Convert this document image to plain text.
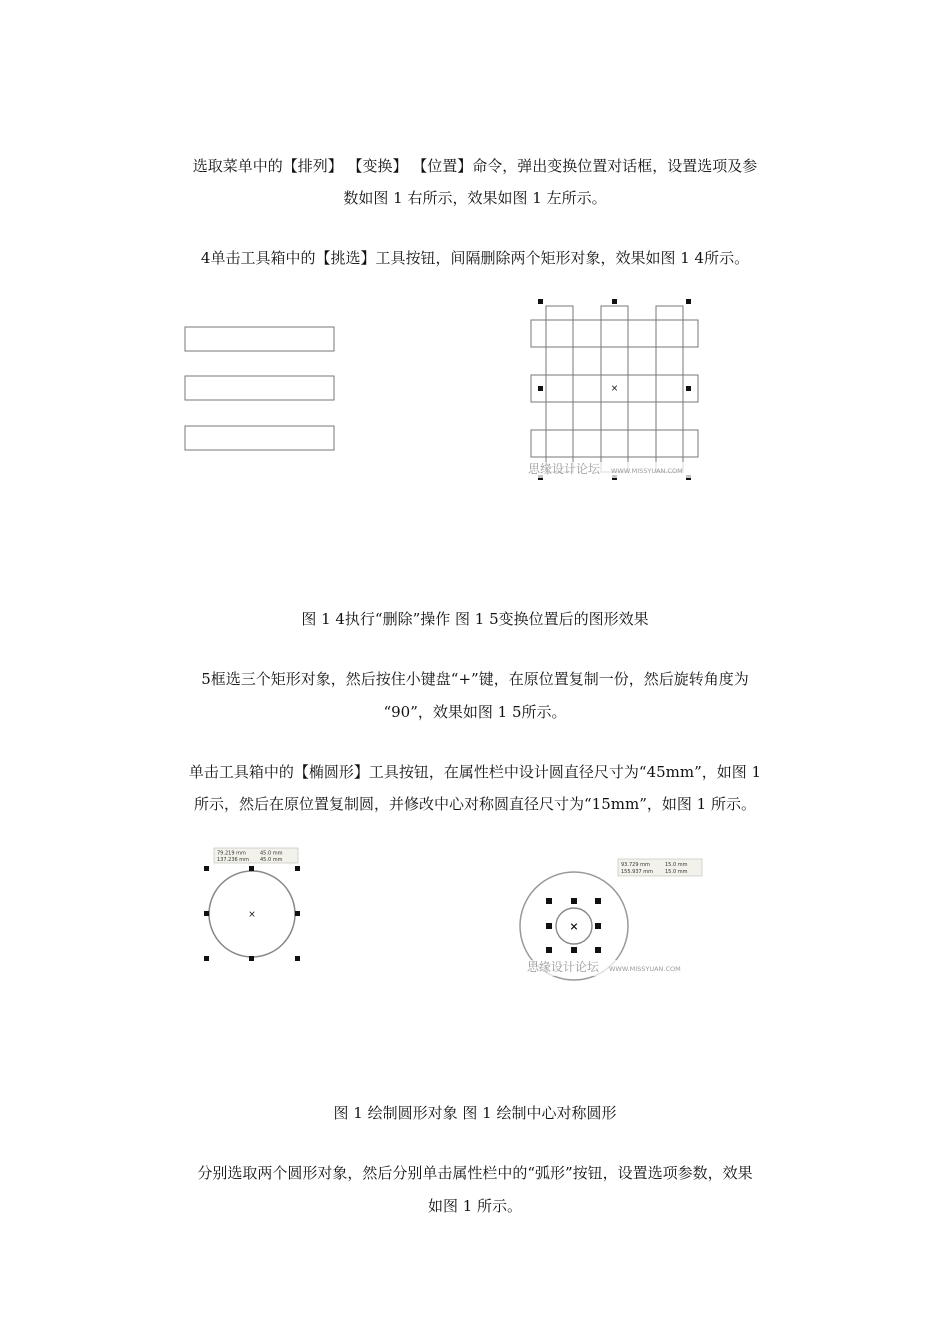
选取菜单中的【排列】 【变换】 【位置】命令，弹出变换位置对话框，设置选项及参
数如图 1 右所示，效果如图 1 左所示。
4单击工具箱中的【挑选】工具按钮，间隔删除两个矩形对象，效果如图 1 4所示。
×
思缘设计论坛 WWW.MISSYUAN.COM
图 1 4执行“删除”操作 图 1 5变换位置后的图形效果
5框选三个矩形对象，然后按住小键盘“+”键，在原位置复制一份，然后旋转角度为
“90”，效果如图 1 5所示。
单击工具箱中的【椭圆形】工具按钮，在属性栏中设计圆直径尺寸为“45mm”，如图 1
所示，然后在原位置复制圆，并修改中心对称圆直径尺寸为“15mm”，如图 1 所示。
79.219 mm
137.236 mm
45.0 mm
45.0 mm
×
93.729 mm
155.937 mm
15.0 mm
15.0 mm
×
思缘设计论坛 WWW.MISSYUAN.COM
图 1 绘制圆形对象 图 1 绘制中心对称圆形
分别选取两个圆形对象，然后分别单击属性栏中的“弧形”按钮，设置选项参数，效果
如图 1 所示。
